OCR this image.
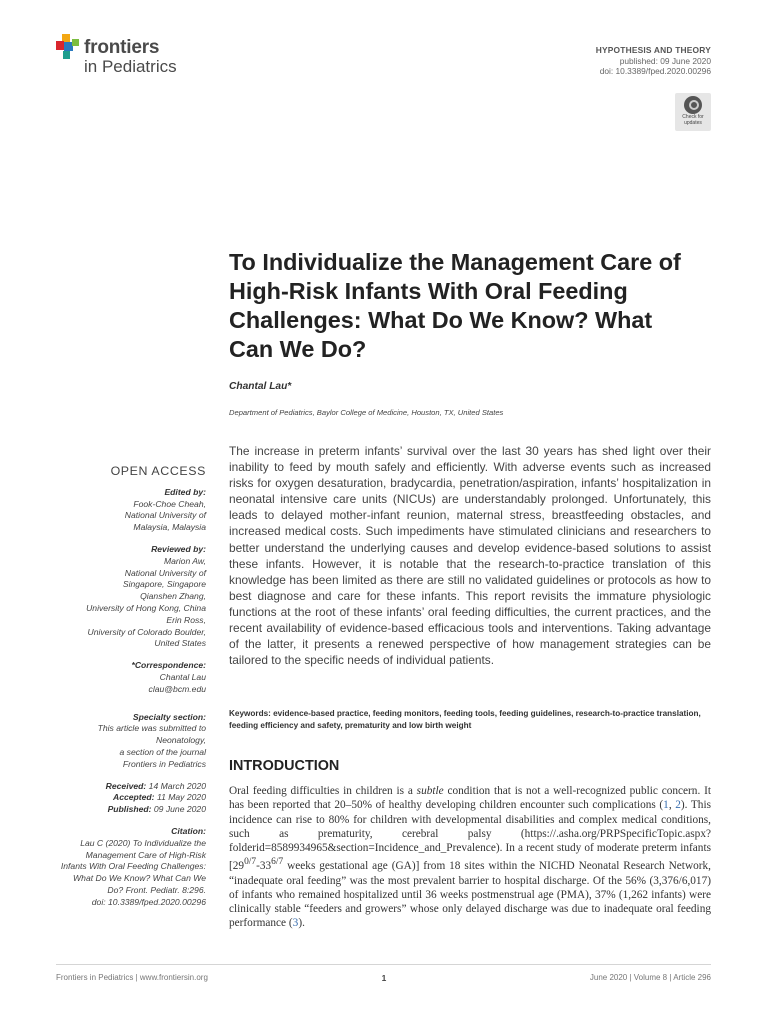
frontiers
in Pediatrics
HYPOTHESIS AND THEORY
published: 09 June 2020
doi: 10.3389/fped.2020.00296
Check for
updates
To Individualize the Management Care of High-Risk Infants With Oral Feeding Challenges: What Do We Know? What Can We Do?
Chantal Lau*
Department of Pediatrics, Baylor College of Medicine, Houston, TX, United States
OPEN ACCESS
Edited by:
Fook-Choe Cheah,
National University of
Malaysia, Malaysia
Reviewed by:
Marion Aw,
National University of
Singapore, Singapore
Qianshen Zhang,
University of Hong Kong, China
Erin Ross,
University of Colorado Boulder,
United States
*Correspondence:
Chantal Lau
clau@bcm.edu
Specialty section:
This article was submitted to
Neonatology,
a section of the journal
Frontiers in Pediatrics
Received: 14 March 2020
Accepted: 11 May 2020
Published: 09 June 2020
Citation:
Lau C (2020) To Individualize the
Management Care of High-Risk
Infants With Oral Feeding Challenges:
What Do We Know? What Can We
Do? Front. Pediatr. 8:296.
doi: 10.3389/fped.2020.00296

The increase in preterm infants’ survival over the last 30 years has shed light over their inability to feed by mouth safely and efficiently. With adverse events such as increased risks for oxygen desaturation, bradycardia, penetration/aspiration, infants’ hospitalization in neonatal intensive care units (NICUs) are understandably prolonged. Unfortunately, this leads to delayed mother-infant reunion, maternal stress, breastfeeding obstacles, and increased medical costs. Such impediments have stimulated clinicians and researchers to better understand the underlying causes and develop evidence-based solutions to assist these infants. However, it is notable that the research-to-practice translation of this knowledge has been limited as there are still no validated guidelines or protocols as how to best diagnose and care for these infants. This report revisits the immature physiologic functions at the root of these infants’ oral feeding difficulties, the current practices, and the recent availability of evidence-based efficacious tools and interventions. Taking advantage of the latter, it presents a renewed perspective of how management strategies can be tailored to the specific needs of individual patients.

Keywords: evidence-based practice, feeding monitors, feeding tools, feeding guidelines, research-to-practice translation, feeding efficiency and safety, prematurity and low birth weight

INTRODUCTION

Oral feeding difficulties in children is a subtle condition that is not a well-recognized public concern. It has been reported that 20–50% of healthy developing children encounter such complications (1, 2). This incidence can rise to 80% for children with developmental disabilities and complex medical conditions, such as prematurity, cerebral palsy (https://.asha.org/PRPSpecificTopic.aspx?folderid=8589934965&section=Incidence_and_Prevalence). In a recent study of moderate preterm infants [$29^{0/7}-33^{6/7}$ weeks gestational age (GA)] from 18 sites within the NICHD Neonatal Research Network, “inadequate oral feeding” was the most prevalent barrier to hospital discharge. Of the 56% (3,376/6,017) of infants who remained hospitalized until 36 weeks postmenstrual age (PMA), 37% (1,262 infants) were clinically stable “feeders and growers” whose only delayed discharge was due to inadequate oral feeding performance (3).

Frontiers in Pediatrics | www.frontiersin.org	1	June 2020 | Volume 8 | Article 296
